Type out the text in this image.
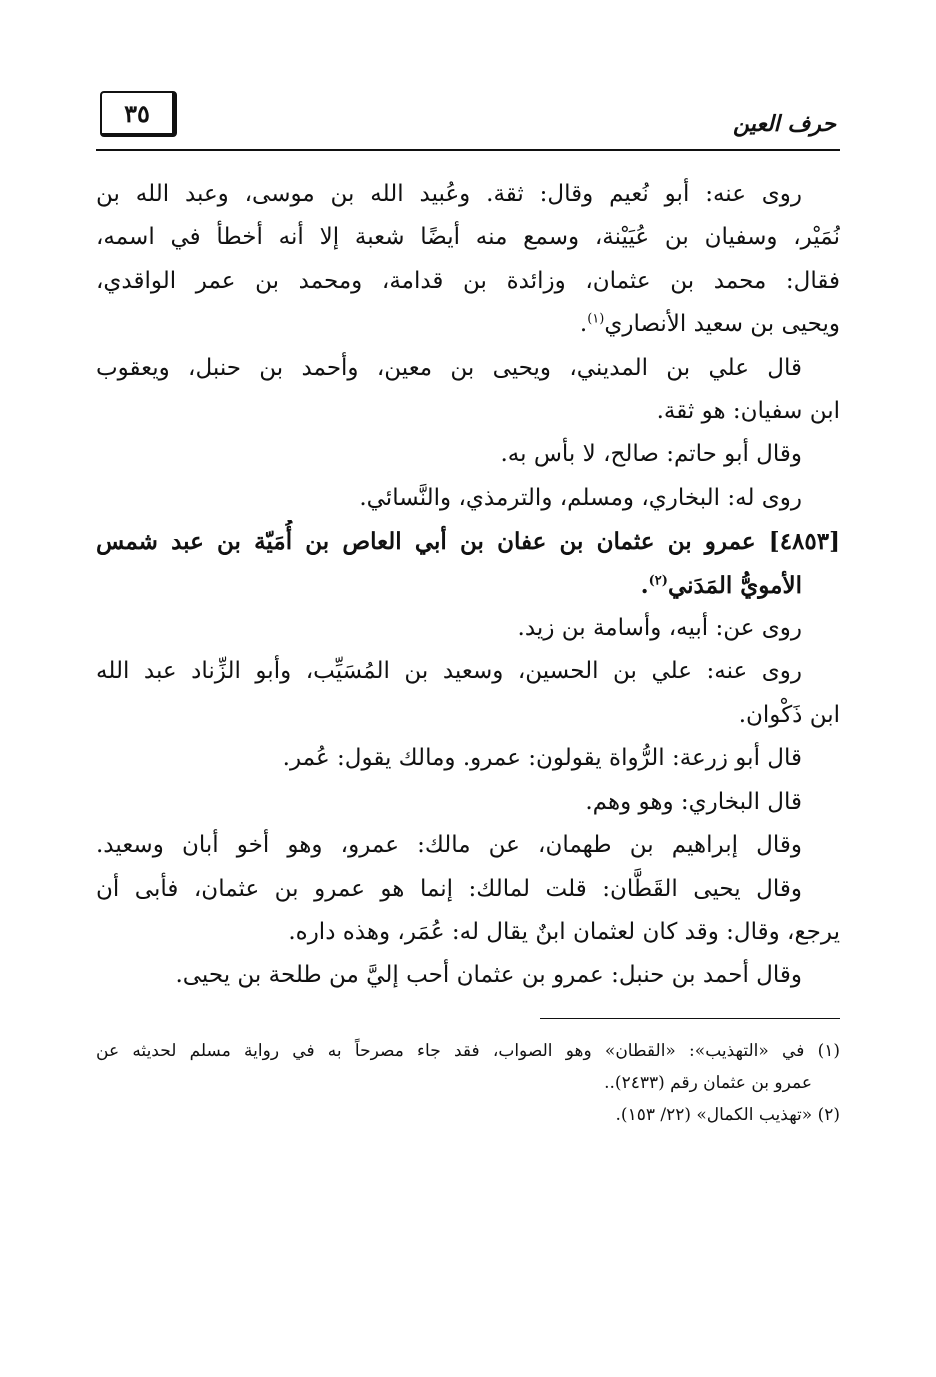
٣٥	حرف العين
روى عنه: أبو نُعيم وقال: ثقة. وعُبيد الله بن موسى، وعبد الله بن
نُمَيْر، وسفيان بن عُيَيْنة، وسمع منه أيضًا شعبة إلا أنه أخطأ في اسمه،
فقال: محمد بن عثمان، وزائدة بن قدامة، ومحمد بن عمر الواقدي،
ويحيى بن سعيد الأنصاري$^{(١)}$.
قال علي بن المديني، ويحيى بن معين، وأحمد بن حنبل، ويعقوب
ابن سفيان: هو ثقة.
وقال أبو حاتم: صالح، لا بأس به.
روى له: البخاري، ومسلم، والترمذي، والنَّسائي.
[٤٨٥٣] عمرو بن عثمان بن عفان بن أبي العاص بن أُمَيّة بن عبد شمس
الأمويُّ المَدَني$^{(٢)}$.
روى عن: أبيه، وأسامة بن زيد.
روى عنه: علي بن الحسين، وسعيد بن المُسَيِّب، وأبو الزِّناد عبد الله
ابن ذَكْوان.
قال أبو زرعة: الرُّواة يقولون: عمرو. ومالك يقول: عُمر.
قال البخاري: وهو وهم.
وقال إبراهيم بن طهمان، عن مالك: عمرو، وهو أخو أبان وسعيد.
وقال يحيى القَطَّان: قلت لمالك: إنما هو عمرو بن عثمان، فأبى أن
يرجع، وقال: وقد كان لعثمان ابنٌ يقال له: عُمَر، وهذه داره.
وقال أحمد بن حنبل: عمرو بن عثمان أحب إليَّ من طلحة بن يحيى.
(١) في «التهذيب»: «القطان» وهو الصواب، فقد جاء مصرحاً به في رواية مسلم لحديثه عن
عمرو بن عثمان رقم (٢٤٣٣)..
(٢) «تهذيب الكمال» (٢٢/ ١٥٣).
